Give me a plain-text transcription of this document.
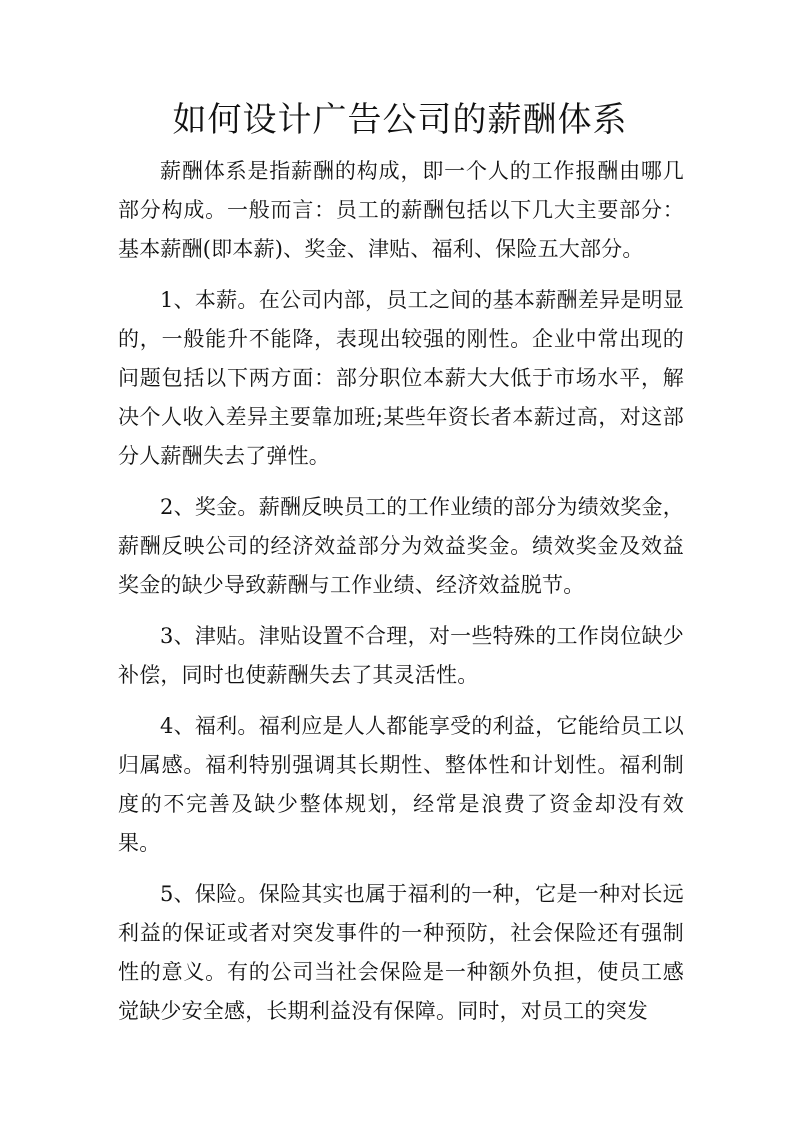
如何设计广告公司的薪酬体系

薪酬体系是指薪酬的构成，即一个人的工作报酬由哪几部分构成。一般而言：员工的薪酬包括以下几大主要部分：基本薪酬(即本薪)、奖金、津贴、福利、保险五大部分。

1、本薪。在公司内部，员工之间的基本薪酬差异是明显的，一般能升不能降，表现出较强的刚性。企业中常出现的问题包括以下两方面：部分职位本薪大大低于市场水平，解决个人收入差异主要靠加班;某些年资长者本薪过高，对这部分人薪酬失去了弹性。

2、奖金。薪酬反映员工的工作业绩的部分为绩效奖金，薪酬反映公司的经济效益部分为效益奖金。绩效奖金及效益奖金的缺少导致薪酬与工作业绩、经济效益脱节。

3、津贴。津贴设置不合理，对一些特殊的工作岗位缺少补偿，同时也使薪酬失去了其灵活性。

4、福利。福利应是人人都能享受的利益，它能给员工以归属感。福利特别强调其长期性、整体性和计划性。福利制度的不完善及缺少整体规划，经常是浪费了资金却没有效果。

5、保险。保险其实也属于福利的一种，它是一种对长远利益的保证或者对突发事件的一种预防，社会保险还有强制性的意义。有的公司当社会保险是一种额外负担，使员工感觉缺少安全感，长期利益没有保障。同时，对员工的突发
